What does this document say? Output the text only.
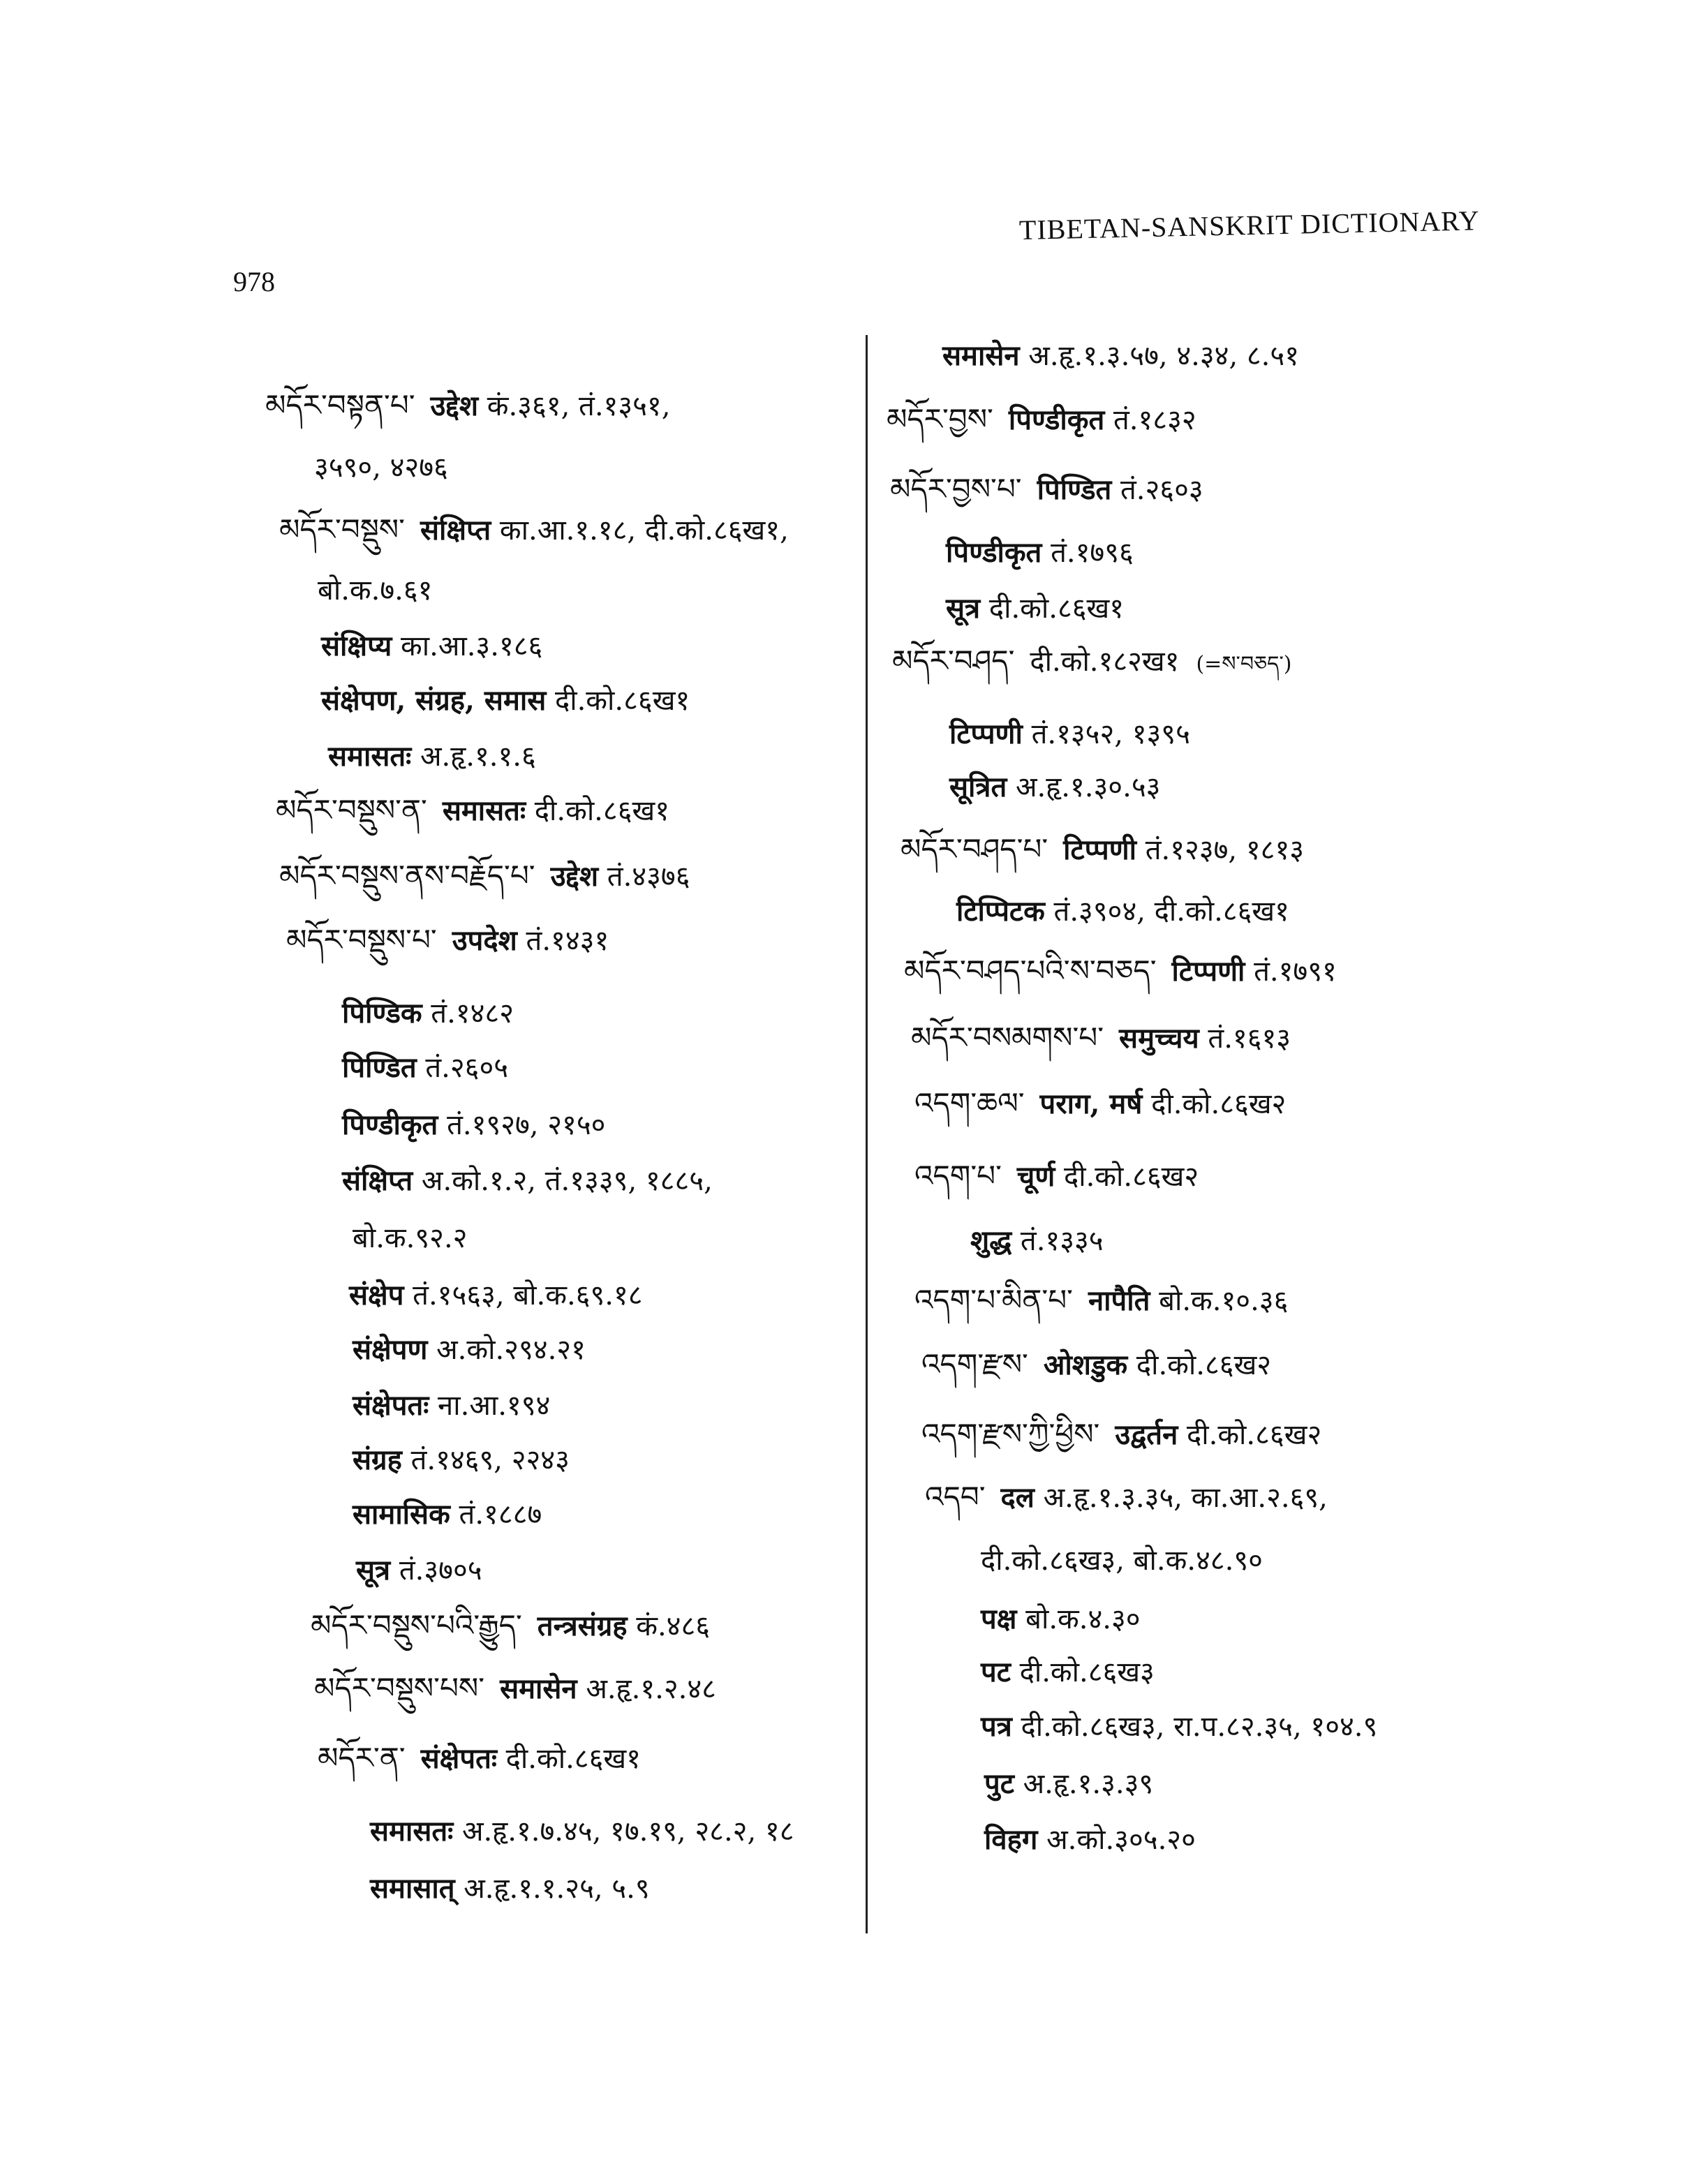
978
TIBETAN-SANSKRIT DICTIONARY
མདོར་བསྟན་པ་ उद्देश कं.३६१, तं.१३५१,
३५९०, ४२७६
མདོར་བསྡུས་ संक्षिप्त का.आ.१.१८, दी.को.८६ख१,
बो.क.७.६१
संक्षिप्य का.आ.३.१८६
संक्षेपण, संग्रह, समास दी.को.८६ख१
समासतः अ.हृ.१.१.६
མདོར་བསྡུས་ན་ समासतः दी.को.८६ख१
མདོར་བསྡུས་ནས་བརྗོད་པ་ उद्देश तं.४३७६
མདོར་བསྡུས་པ་ उपदेश तं.१४३१
पिण्डिक तं.१४८२
पिण्डित तं.२६०५
पिण्डीकृत तं.१९२७, २१५०
संक्षिप्त अ.को.१.२, तं.१३३९, १८८५,
बो.क.९२.२
संक्षेप तं.१५६३, बो.क.६९.१८
संक्षेपण अ.को.२९४.२१
संक्षेपतः ना.आ.१९४
संग्रह तं.१४६९, २२४३
सामासिक तं.१८८७
सूत्र तं.३७०५
མདོར་བསྡུས་པའི་རྒྱུད་ तन्त्रसंग्रह कं.४८६
མདོར་བསྡུས་པས་ समासेन अ.हृ.१.२.४८
མདོར་ན་ संक्षेपतः दी.को.८६ख१
समासतः अ.हृ.१.७.४५, १७.१९, २८.२, १८
समासात् अ.हृ.१.१.२५, ५.९
समासेन अ.हृ.१.३.५७, ४.३४, ८.५१
མདོར་བྱས་ पिण्डीकृत तं.१८३२
མདོར་བྱས་པ་ पिण्डित तं.२६०३
पिण्डीकृत तं.१७९६
सूत्र दी.को.८६ख१
མདོར་བཤད་ दी.को.१८२ख१ (=ས་བཅད་)
टिप्पणी तं.१३५२, १३९५
सूत्रित अ.हृ.१.३०.५३
མདོར་བཤད་པ་ टिप्पणी तं.१२३७, १८१३
टिप्पिटक तं.३९०४, दी.को.८६ख१
མདོར་བཤད་པའི་ས་བཅད་ टिप्पणी तं.१७९१
མདོར་བསམགས་པ་ समुच्चय तं.१६१३
འདག་ཆལ་ पराग, मर्ष दी.को.८६ख२
འདག་པ་ चूर्ण दी.को.८६ख२
शुद्ध तं.१३३५
འདག་པ་མིན་པ་ नापैति बो.क.१०.३६
འདག་རྫས་ ओशडुक दी.को.८६ख२
འདག་རྫས་ཀྱི་ཕྱིས་ उद्वर्तन दी.को.८६ख२
འདབ་ दल अ.हृ.१.३.३५, का.आ.२.६९,
दी.को.८६ख३, बो.क.४८.९०
पक्ष बो.क.४.३०
पट दी.को.८६ख३
पत्र दी.को.८६ख३, रा.प.८२.३५, १०४.९
पुट अ.हृ.१.३.३९
विहग अ.को.३०५.२०
